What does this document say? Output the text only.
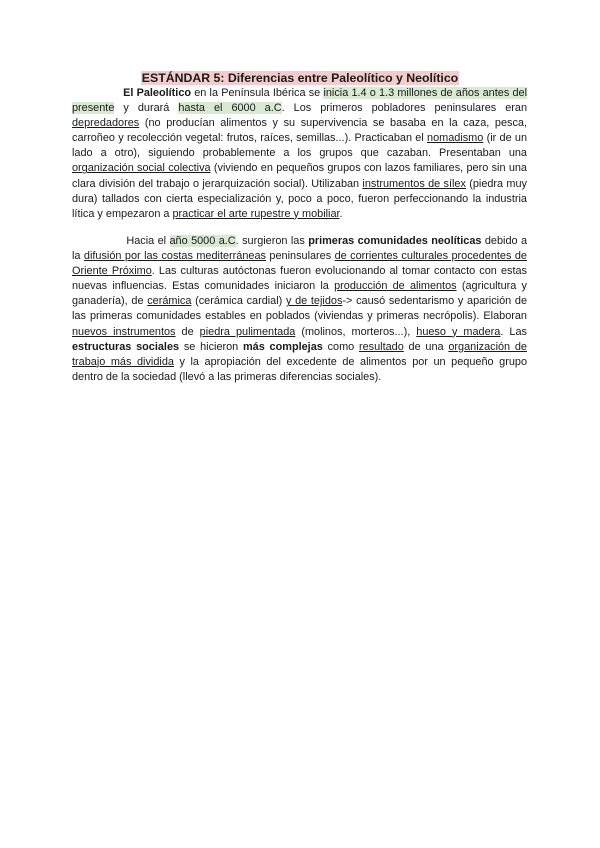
ESTÁNDAR 5: Diferencias entre Paleolítico y Neolítico

El Paleolítico en la Península Ibérica se inicia 1.4 o 1.3 millones de años antes del presente y durará hasta el 6000 a.C. Los primeros pobladores peninsulares eran depredadores (no producían alimentos y su supervivencia se basaba en la caza, pesca, carroñeo y recolección vegetal: frutos, raíces, semillas...). Practicaban el nomadismo (ir de un lado a otro), siguiendo probablemente a los grupos que cazaban. Presentaban una organización social colectiva (viviendo en pequeños grupos con lazos familiares, pero sin una clara división del trabajo o jerarquización social). Utilizaban instrumentos de sílex (piedra muy dura) tallados con cierta especialización y, poco a poco, fueron perfeccionando la industria lítica y empezaron a practicar el arte rupestre y mobiliar.

Hacia el año 5000 a.C. surgieron las primeras comunidades neolíticas debido a la difusión por las costas mediterráneas peninsulares de corrientes culturales procedentes de Oriente Próximo. Las culturas autóctonas fueron evolucionando al tomar contacto con estas nuevas influencias. Estas comunidades iniciaron la producción de alimentos (agricultura y ganadería), de cerámica (cerámica cardial) y de tejidos-> causó sedentarismo y aparición de las primeras comunidades estables en poblados (viviendas y primeras necrópolis). Elaboran nuevos instrumentos de piedra pulimentada (molinos, morteros...), hueso y madera. Las estructuras sociales se hicieron más complejas como resultado de una organización de trabajo más dividida y la apropiación del excedente de alimentos por un pequeño grupo dentro de la sociedad (llevó a las primeras diferencias sociales).
